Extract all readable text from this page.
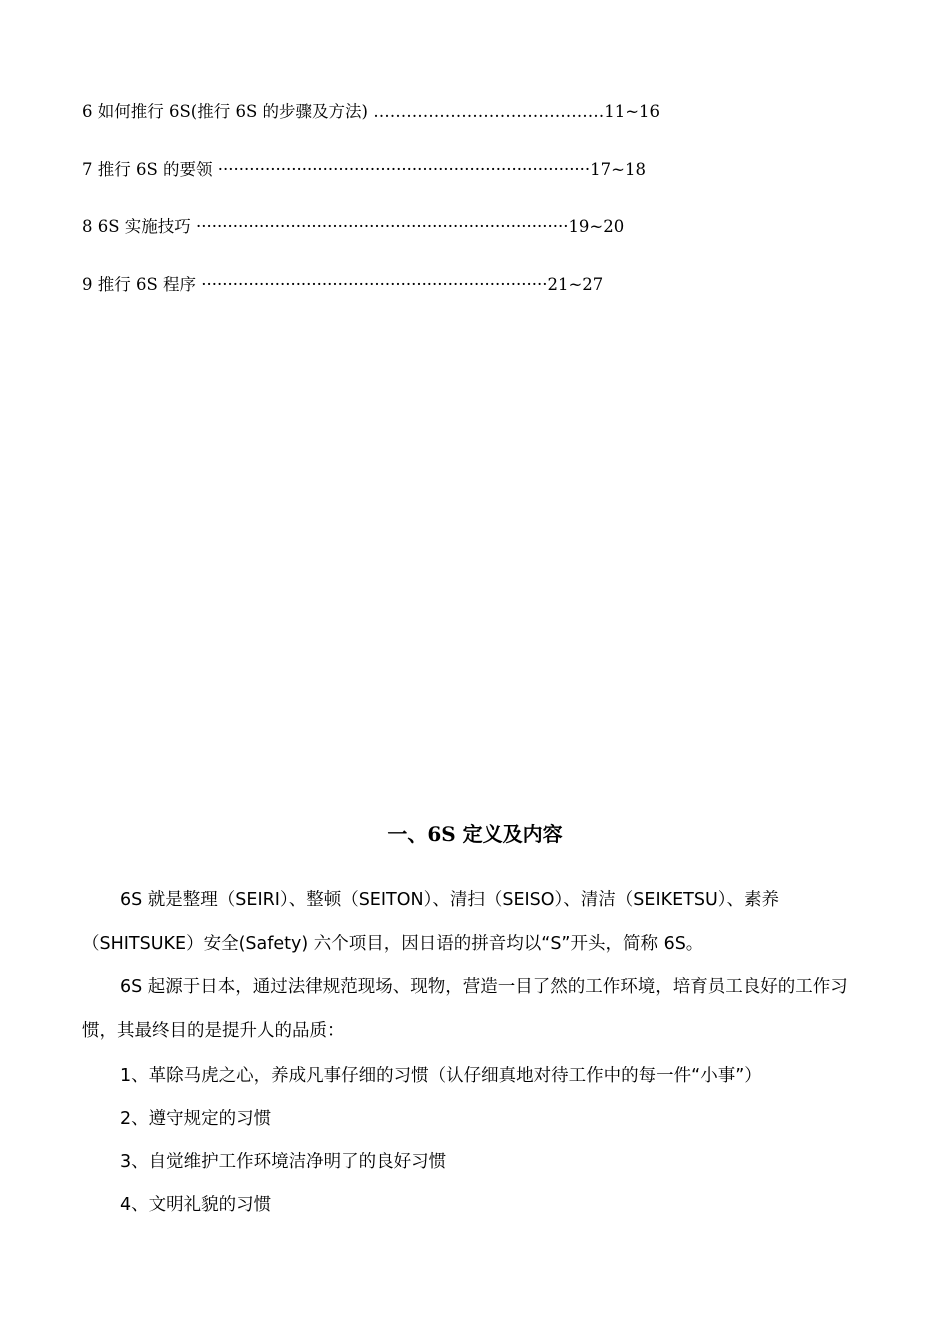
6 如何推行 6S(推行 6S 的步骤及方法) ……………………………………11~16
7 推行 6S 的要领 ·······································································17~18
8 6S 实施技巧 ·······································································19~20
9 推行 6S 程序 ··································································21~27
一、6S 定义及内容
6S 就是整理（SEIRI）、整顿（SEITON）、清扫（SEISO）、清洁（SEIKETSU）、素养（SHITSUKE）安全(Safety) 六个项目，因日语的拼音均以“S”开头，简称 6S。
6S 起源于日本，通过法律规范现场、现物，营造一目了然的工作环境，培育员工良好的工作习惯，其最终目的是提升人的品质：
1、革除马虎之心，养成凡事仔细的习惯（认仔细真地对待工作中的每一件“小事”）
2、遵守规定的习惯
3、自觉维护工作环境洁净明了的良好习惯
4、文明礼貌的习惯
